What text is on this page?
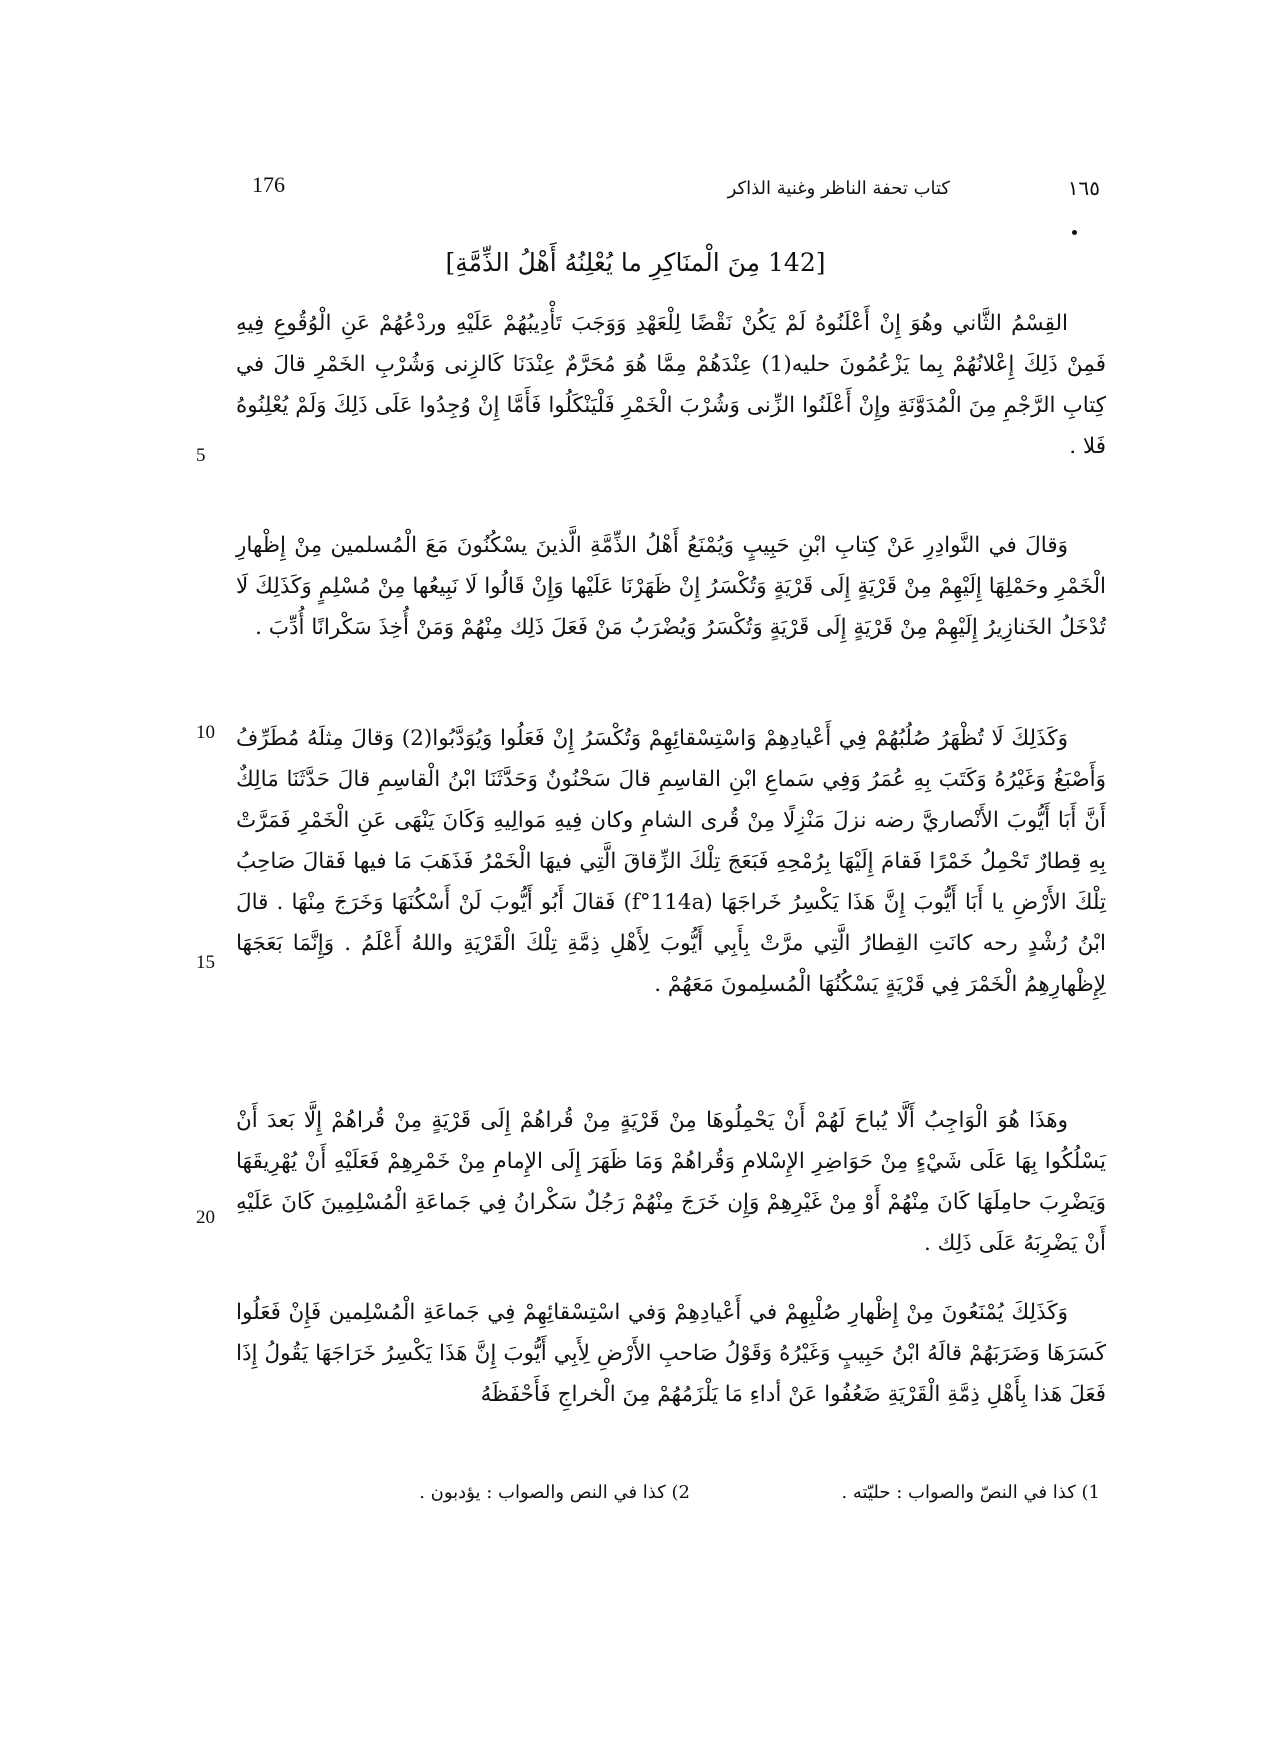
176	كتاب تحفة الناظر وغنية الذاكر	١٦٥
[142 مِنَ الْمنَاكِرِ ما يُعْلِنُهُ أَهْلُ الذِّمَّةِ]

القِسْمُ الثَّاني وهُوَ إِنْ أَعْلَنُوهُ لَمْ يَكُنْ نَقْضًا لِلْعَهْدِ وَوَجَبَ تَأْدِيبُهُمْ عَلَيْهِ وردْعُهُمْ عَنِ الْوُقُوعِ فِيهِ فَمِنْ ذَلِكَ إِعْلانُهُمْ بِما يَزْعُمُونَ حليه(1) عِنْدَهُمْ مِمَّا هُوَ مُحَرَّمٌ عِنْدَنَا كَالزِنى وَشُرْبِ الخَمْرِ قالَ في كِتابِ الرَّجْمِ مِنَ الْمُدَوَّنَةِ وإِنْ أَعْلَنُوا الزِّنى وَشُرْبَ الْخَمْرِ فَلْيَنْكَلُوا فَأَمَّا إِنْ وُجِدُوا عَلَى ذَلِكَ وَلَمْ يُعْلِنُوهُ فَلا .

وَقالَ في النَّوادِرِ عَنْ كِتابِ ابْنِ حَبِيبٍ وَيُمْنَعُ أَهْلُ الذِّمَّةِ الَّذينَ يسْكُنُونَ مَعَ الْمُسلمين مِنْ إِظْهارِ الْخَمْرِ وحَمْلِهَا إِلَيْهِمْ مِنْ قَرْيَةٍ إِلَى قَرْيَةٍ وَتُكْسَرُ إِنْ ظَهَرْنَا عَلَيْها وَإِنْ قَالُوا لَا نَبِيعُها مِنْ مُسْلِمٍ وَكَذَلِكَ لَا تُدْخَلُ الخَنازِيرُ إِلَيْهِمْ مِنْ قَرْيَةٍ إِلَى قَرْيَةٍ وَتُكْسَرُ وَيُضْرَبُ مَنْ فَعَلَ ذَلِك مِنْهُمْ وَمَنْ أُخِذَ سَكْرانًا أُدِّبَ .

وَكَذَلِكَ لَا تُظْهَرُ صُلُبُهُمْ فِي أَعْيادِهِمْ وَاسْتِسْقائِهِمْ وَتُكْسَرُ إِنْ فَعَلُوا وَيُوَدَّبُوا(2) وَقالَ مِثلَهُ مُطَرِّفُ وَأَصْبَغُ وَغَيْرُهُ وَكَتَبَ بِهِ عُمَرُ وَفِي سَماعِ ابْنِ القاسِمِ قالَ سَحْنُونٌ وَحَدَّثَنَا ابْنُ الْقاسِمِ قالَ حَدَّثَنَا مَالِكٌ أَنَّ أَبَا أَيُّوبَ الأَنْصاريَّ رضه نزلَ مَنْزِلًا مِنْ قُرى الشامِ وكان فِيهِ مَوالِيهِ وَكَانَ يَنْهَى عَنِ الْخَمْرِ فَمَرَّتْ بِهِ قِطارٌ تَحْمِلُ خَمْرًا فَقامَ إِلَيْهَا بِرُمْحِهِ فَبَعَجَ تِلْكَ الزِّقاقَ الَّتِي فيهَا الْخَمْرُ فَذَهَبَ مَا فيها فَقالَ صَاحِبُ تِلْكَ الأَرْضِ يا أَبَا أَيُّوبَ إِنَّ هَذَا يَكْسِرُ خَراجَهَا (f°114a) فَقالَ أَبُو أَيُّوبَ لَنْ أَسْكُنَهَا وَخَرَجَ مِنْهَا . قالَ ابْنُ رُشْدٍ رحه كانَتِ القِطارُ الَّتِي مرَّتْ بِأَبِي أَيُّوبَ لِأَهْلِ ذِمَّةِ تِلْكَ الْقَرْيَةِ واللهُ أَعْلَمُ . وَإِنَّمَا بَعَجَهَا لِإِظْهارِهِمُ الْخَمْرَ فِي قَرْيَةٍ يَسْكُنُهَا الْمُسلِمونَ مَعَهُمْ .

وهَذَا هُوَ الْوَاجِبُ أَلَّا يُباحَ لَهُمْ أَنْ يَحْمِلُوهَا مِنْ قَرْيَةٍ مِنْ قُراهُمْ إِلَى قَرْيَةٍ مِنْ قُراهُمْ إِلَّا بَعدَ أَنْ يَسْلُكُوا بِهَا عَلَى شَيْءٍ مِنْ حَوَاضِرِ الإِسْلامِ وَقُراهُمْ وَمَا ظَهَرَ إِلَى الإِمامِ مِنْ خَمْرِهِمْ فَعَلَيْهِ أَنْ يُهْرِيقَهَا وَيَضْرِبَ حامِلَهَا كَانَ مِنْهُمْ أَوْ مِنْ غَيْرِهِمْ وَإِن خَرَجَ مِنْهُمْ رَجُلٌ سَكْرانُ فِي جَماعَةِ الْمُسْلِمِينَ كَانَ عَلَيْهِ أَنْ يَضْرِبَهُ عَلَى ذَلِك .

وَكَذَلِكَ يُمْنَعُونَ مِنْ إِظْهارِ صُلْبِهِمْ في أَعْيادِهِمْ وَفي اسْتِسْقائِهِمْ فِي جَماعَةِ الْمُسْلِمين فَإِنْ فَعَلُوا كَسَرَهَا وَضَرَبَهُمْ قالَهُ ابْنُ حَبِيبٍ وَغَيْرُهُ وَقَوْلُ صَاحبِ الأَرْضِ لِأَبِي أَيُّوبَ إِنَّ هَذَا يَكْسِرُ خَرَاجَهَا يَقُولُ إِذَا فَعَلَ هَذا بِأَهْلِ ذِمَّةِ الْقَرْيَةِ ضَعُفُوا عَنْ أداءِ مَا يَلْزَمُهُمْ مِنَ الْخراجِ فَأَحْفَظَهُ

5
10
15
20
1) كذا في النصّ والصواب : حليّته .
2) كذا في النص والصواب : يؤدبون .
